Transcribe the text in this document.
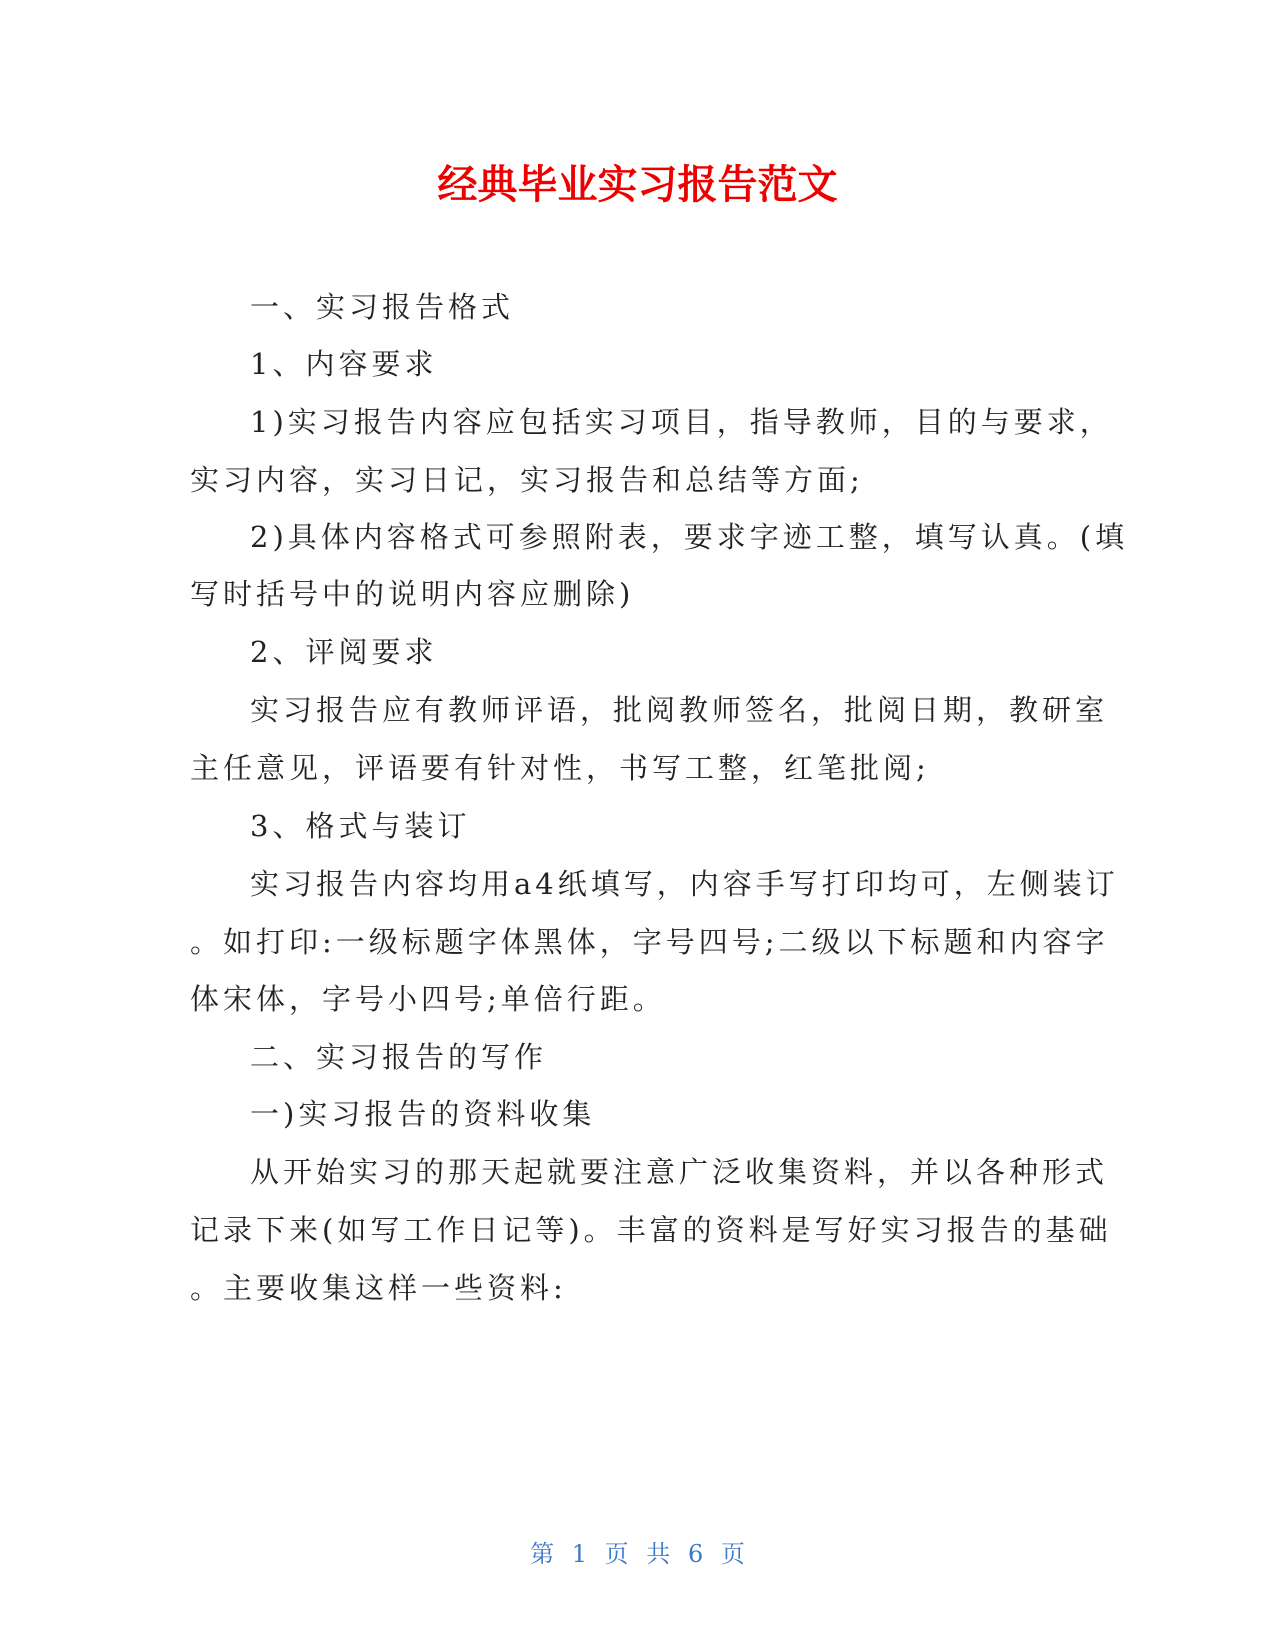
经典毕业实习报告范文
一、实习报告格式
1、内容要求
1)实习报告内容应包括实习项目，指导教师，目的与要求，
实习内容，实习日记，实习报告和总结等方面;
2)具体内容格式可参照附表，要求字迹工整，填写认真。(填
写时括号中的说明内容应删除)
2、评阅要求
实习报告应有教师评语，批阅教师签名，批阅日期，教研室
主任意见，评语要有针对性，书写工整，红笔批阅;
3、格式与装订
实习报告内容均用a4纸填写，内容手写打印均可，左侧装订
。如打印:一级标题字体黑体，字号四号;二级以下标题和内容字
体宋体，字号小四号;单倍行距。
二、实习报告的写作
一)实习报告的资料收集
从开始实习的那天起就要注意广泛收集资料，并以各种形式
记录下来(如写工作日记等)。丰富的资料是写好实习报告的基础
。主要收集这样一些资料:
第 1 页 共 6 页
